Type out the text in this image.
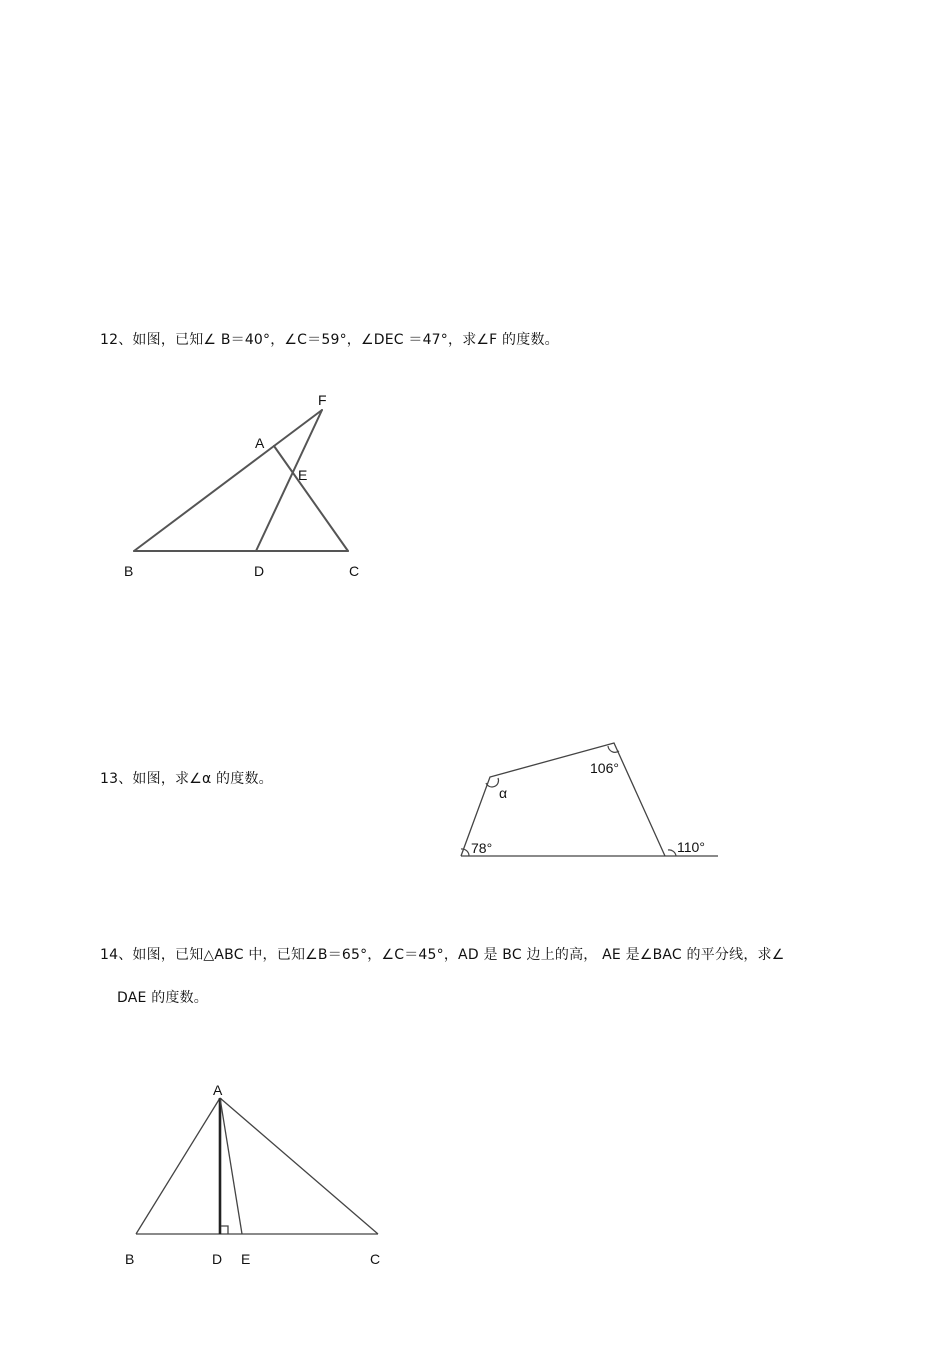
12、如图，已知∠ B＝40°，∠C＝59°，∠DEC ＝47°，求∠F 的度数。
F
A
E
B	D	C
13、如图，求∠α 的度数。
106°
α
78°	110°
14、如图，已知△ABC 中，已知∠B＝65°，∠C＝45°，AD 是 BC 边上的高， AE 是∠BAC 的平分线，求∠
DAE 的度数。
A
B	D E	C
